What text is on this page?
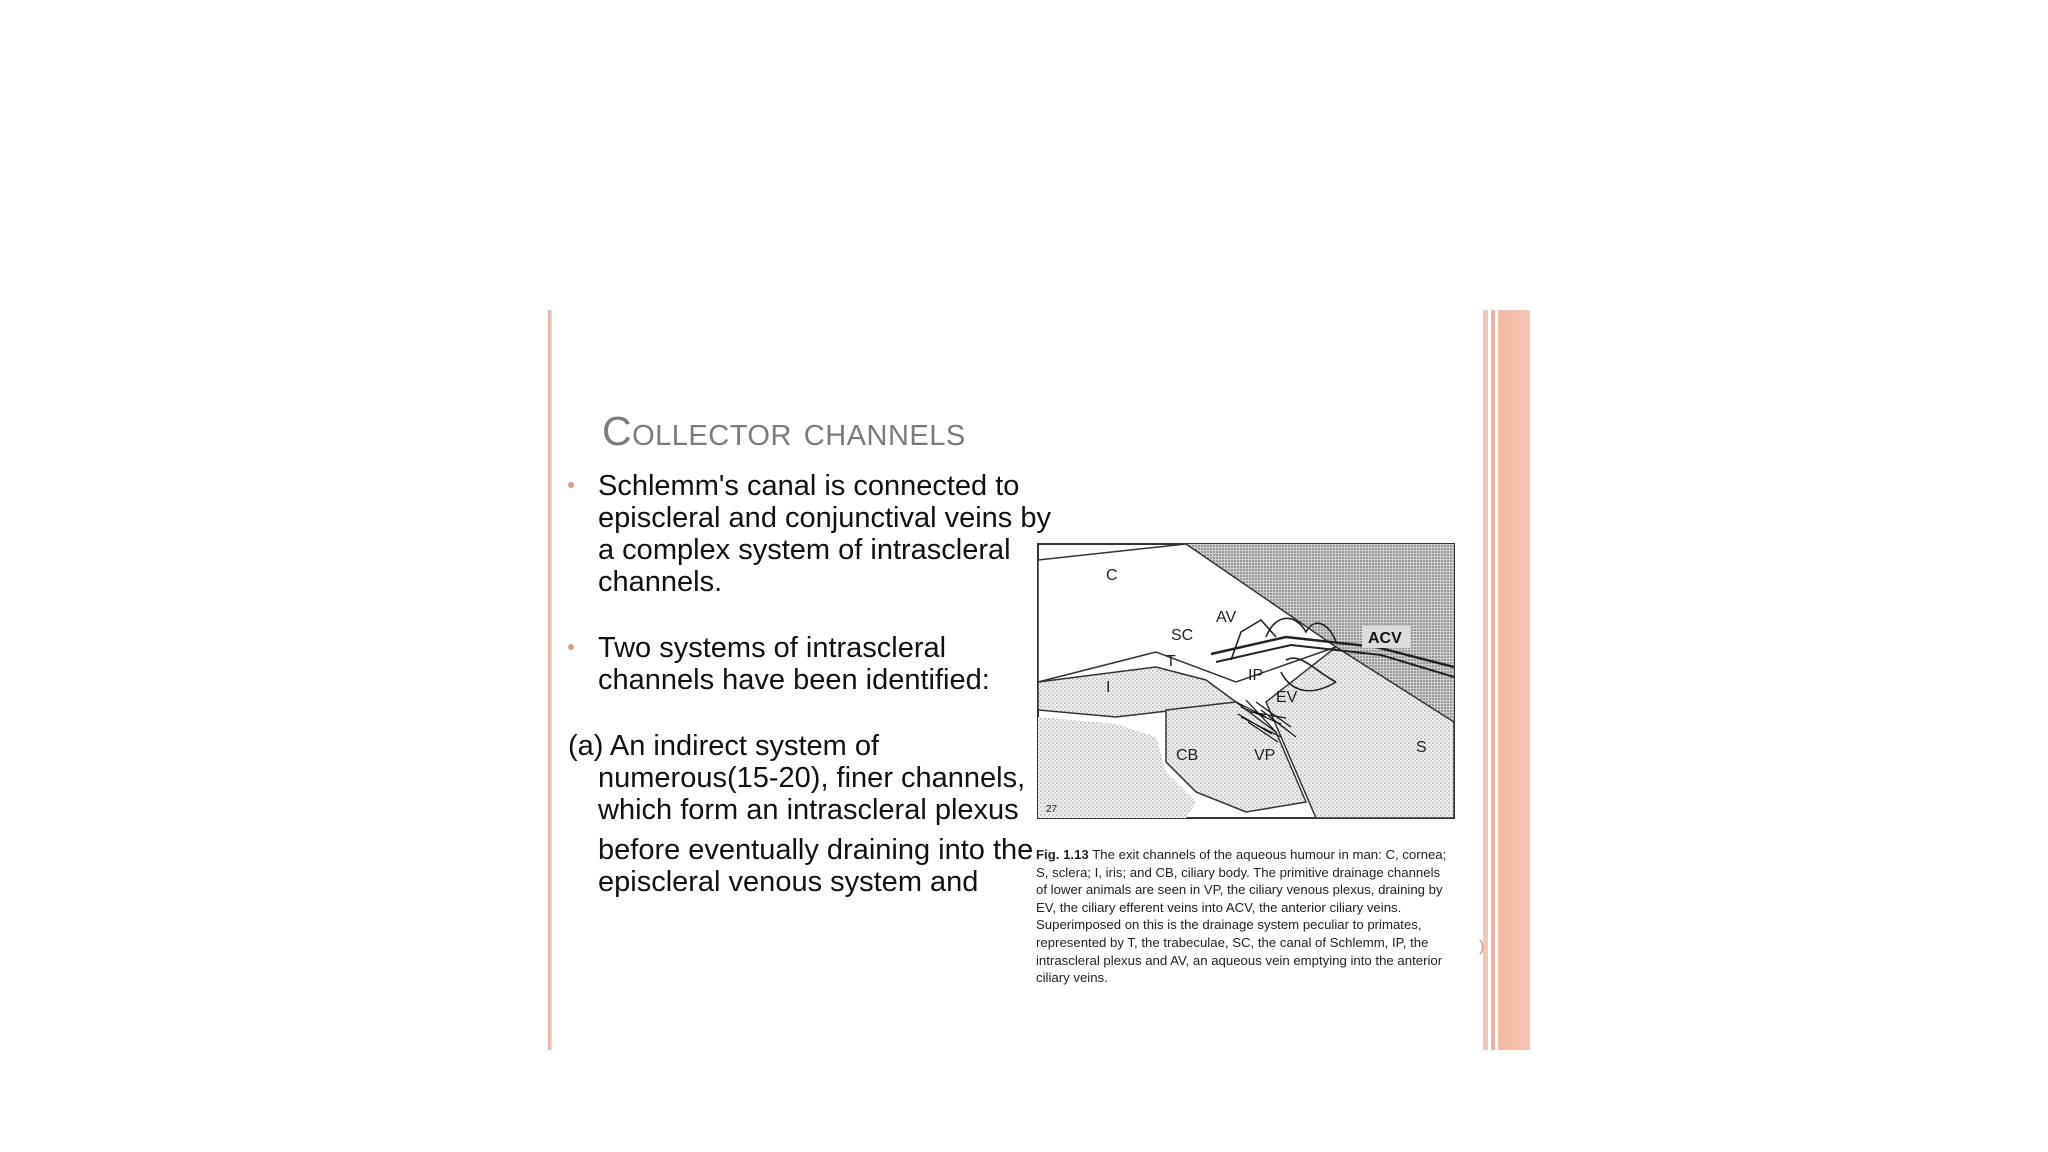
Collector channels
Schlemm's canal is connected to episcleral and conjunctival veins by a complex system of intrascleral channels.
Two systems of intrascleral channels have been identified:
(a) An indirect system of
numerous(15-20), finer channels, which form an intrascleral plexus
before eventually draining into the episcleral venous system and
C
SC
AV
T
IP
I
EV
CB	VP	S
27
ACV
Fig. 1.13 The exit channels of the aqueous humour in man: C, cornea; S, sclera; I, iris; and CB, ciliary body. The primitive drainage channels of lower animals are seen in VP, the ciliary venous plexus, draining by EV, the ciliary efferent veins into ACV, the anterior ciliary veins. Superimposed on this is the drainage system peculiar to primates, represented by T, the trabeculae, SC, the canal of Schlemm, IP, the intrascleral plexus and AV, an aqueous vein emptying into the anterior ciliary veins.
)
